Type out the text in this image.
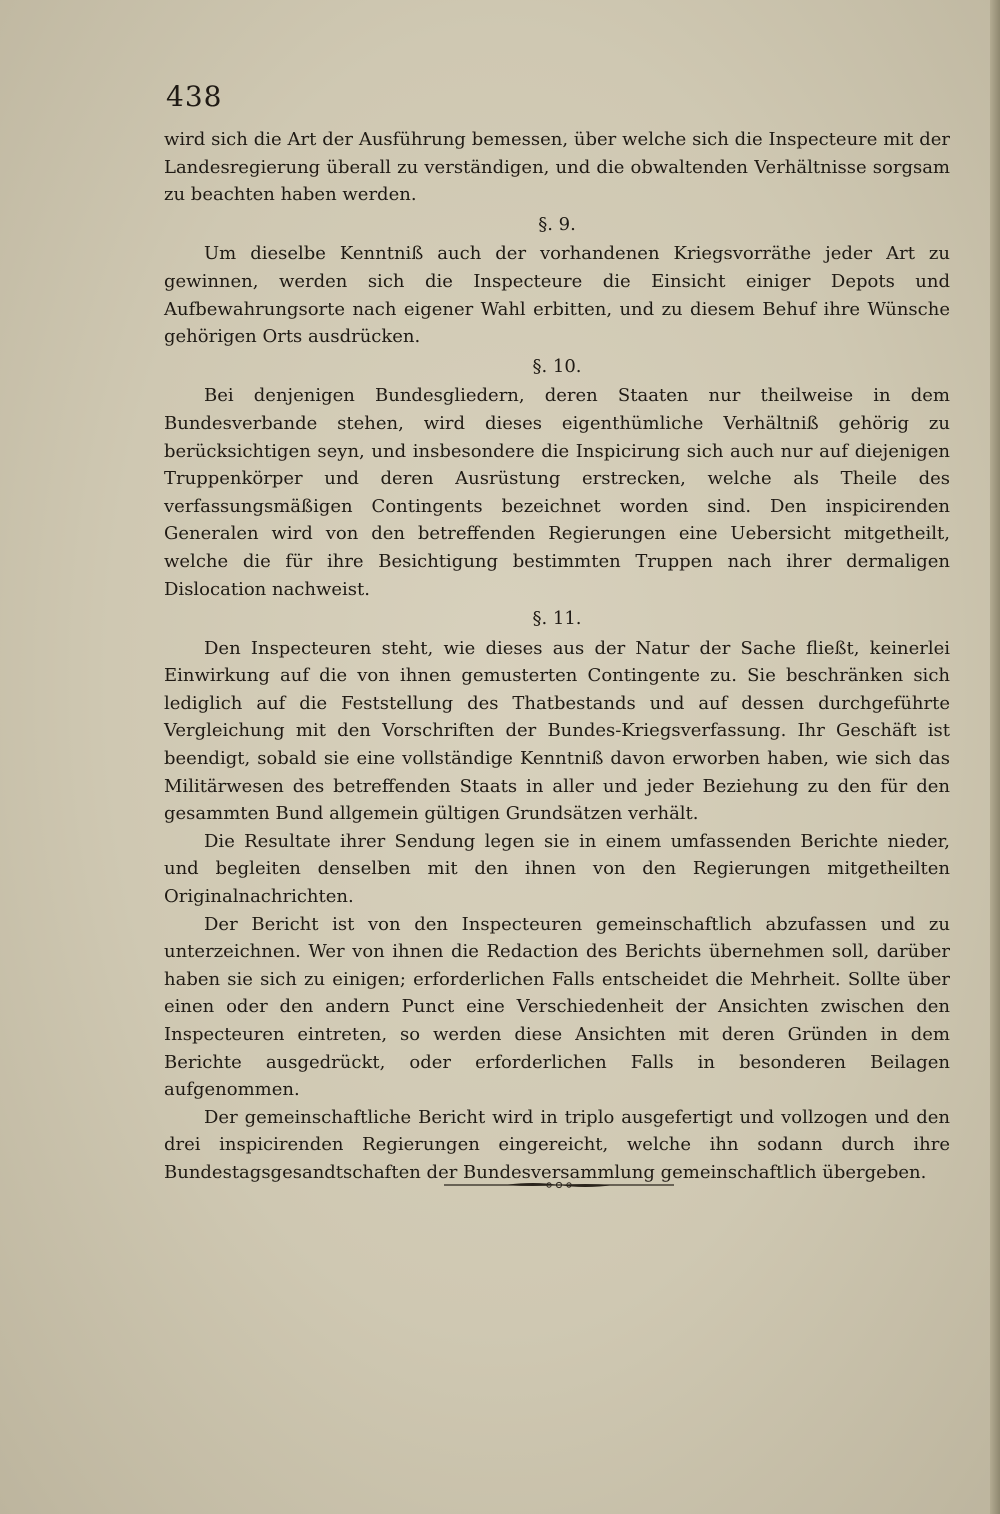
438

wird sich die Art der Ausführung bemessen, über welche sich die Inspecteure mit der Landesregierung überall zu verständigen, und die obwaltenden Verhältnisse sorgsam zu beachten haben werden.

§. 9.

Um dieselbe Kenntniß auch der vorhandenen Kriegsvorräthe jeder Art zu gewinnen, werden sich die Inspecteure die Einsicht einiger Depots und Aufbewahrungsorte nach eigener Wahl erbitten, und zu diesem Behuf ihre Wünsche gehörigen Orts ausdrücken.

§. 10.

Bei denjenigen Bundesgliedern, deren Staaten nur theilweise in dem Bundesverbande stehen, wird dieses eigenthümliche Verhältniß gehörig zu berücksichtigen seyn, und insbesondere die Inspicirung sich auch nur auf diejenigen Truppenkörper und deren Ausrüstung erstrecken, welche als Theile des verfassungsmäßigen Contingents bezeichnet worden sind. Den inspicirenden Generalen wird von den betreffenden Regierungen eine Uebersicht mitgetheilt, welche die für ihre Besichtigung bestimmten Truppen nach ihrer dermaligen Dislocation nachweist.

§. 11.

Den Inspecteuren steht, wie dieses aus der Natur der Sache fließt, keinerlei Einwirkung auf die von ihnen gemusterten Contingente zu. Sie beschränken sich lediglich auf die Feststellung des Thatbestands und auf dessen durchgeführte Vergleichung mit den Vorschriften der Bundes-Kriegsverfassung. Ihr Geschäft ist beendigt, sobald sie eine vollständige Kenntniß davon erworben haben, wie sich das Militärwesen des betreffenden Staats in aller und jeder Beziehung zu den für den gesammten Bund allgemein gültigen Grundsätzen verhält.

Die Resultate ihrer Sendung legen sie in einem umfassenden Berichte nieder, und begleiten denselben mit den ihnen von den Regierungen mitgetheilten Originalnachrichten.

Der Bericht ist von den Inspecteuren gemeinschaftlich abzufassen und zu unterzeichnen. Wer von ihnen die Redaction des Berichts übernehmen soll, darüber haben sie sich zu einigen; erforderlichen Falls entscheidet die Mehrheit. Sollte über einen oder den andern Punct eine Verschiedenheit der Ansichten zwischen den Inspecteuren eintreten, so werden diese Ansichten mit deren Gründen in dem Berichte ausgedrückt, oder erforderlichen Falls in besonderen Beilagen aufgenommen.

Der gemeinschaftliche Bericht wird in triplo ausgefertigt und vollzogen und den drei inspicirenden Regierungen eingereicht, welche ihn sodann durch ihre Bundestagsgesandtschaften der Bundesversammlung gemeinschaftlich übergeben.
